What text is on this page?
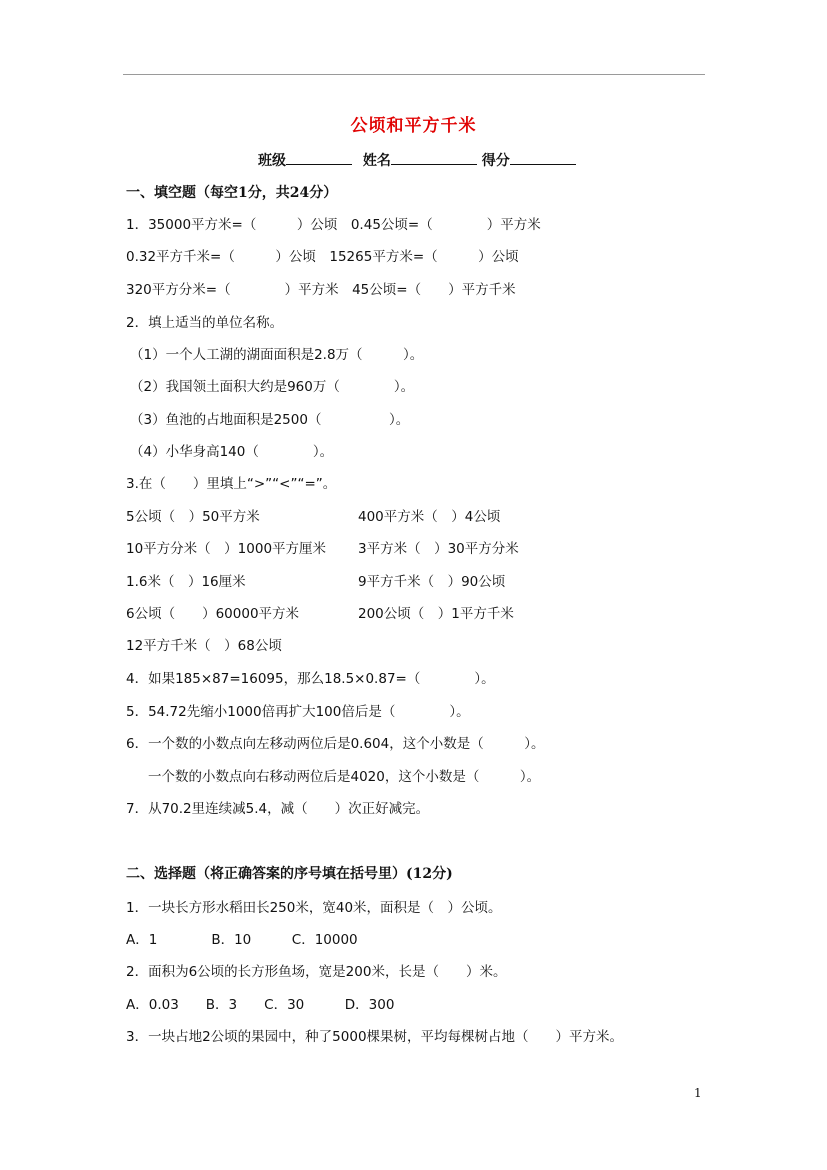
公顷和平方千米
班级	姓名	得分
一、填空题（每空1分，共24分）
1．35000平方米=（　　　）公顷　0.45公顷=（　　　　）平方米
0.32平方千米=（　　　）公顷　15265平方米=（　　　）公顷
320平方分米=（　　　　）平方米　45公顷=（　　）平方千米
2．填上适当的单位名称。
（1）一个人工湖的湖面面积是2.8万（　　　）。
（2）我国领土面积大约是960万（　　　　）。
（3）鱼池的占地面积是2500（　　　　　）。
（4）小华身高140（　　　　）。
3.在（　　）里填上“>”“<”“=”。
5公顷（　）50平方米	400平方米（　）4公顷
10平方分米（　）1000平方厘米 3平方米（　）30平方分米
1.6米（　）16厘米	9平方千米（　）90公顷
6公顷（　　）60000平方米	200公顷（　）1平方千米
12平方千米（　）68公顷
4．如果185×87=16095，那么18.5×0.87=（　　　　）。
5．54.72先缩小1000倍再扩大100倍后是（　　　　）。
6．一个数的小数点向左移动两位后是0.604，这个小数是（　　　）。
一个数的小数点向右移动两位后是4020，这个小数是（　　　）。
7．从70.2里连续减5.4，减（　　）次正好减完。
二、选择题（将正确答案的序号填在括号里）(12分)
1．一块长方形水稻田长250米，宽40米，面积是（　）公顷。
A．1　　　　B．10　　　C．10000
2．面积为6公顷的长方形鱼场，宽是200米，长是（　　）米。
A．0.03　　B．3　　C．30　　　D．300
3．一块占地2公顷的果园中，种了5000棵果树，平均每棵树占地（　　）平方米。
1
